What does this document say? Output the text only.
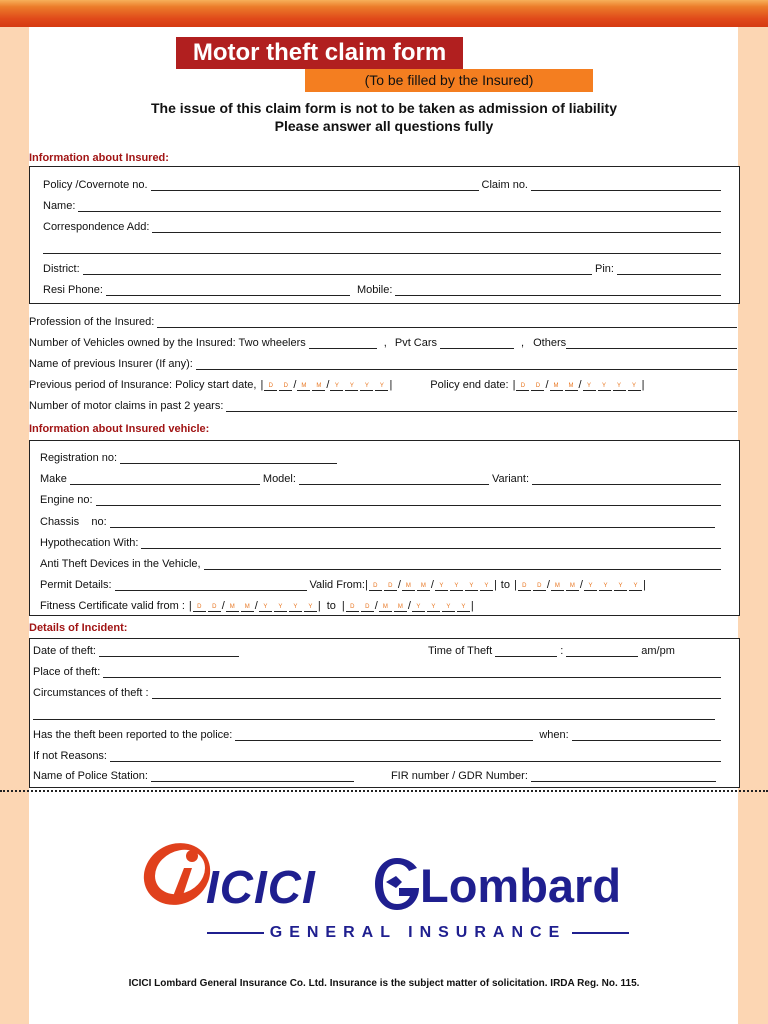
Motor theft claim form
(To be filled by the Insured)
The issue of this claim form is not to be taken as admission of liability
Please answer all questions fully
Information about Insured:
Policy /Covernote no.	Claim no.
Name:
Correspondence Add:
District:	Pin:
Resi Phone:	Mobile:
Profession of the Insured:
Number of Vehicles owned by the Insured: Two wheelers	, Pvt Cars	, Others
Name of previous Insurer (If any):
Previous period of Insurance: Policy start date, | D	D / M	M / Y	Y	Y	Y |	Policy end date: | D	D / M	M / Y	Y	Y	Y |
Number of motor claims in past 2 years:
Information about Insured vehicle:
Registration no:
Make	Model:	Variant:
Engine no:
Chassis    no:
Hypothecation With:
Anti Theft Devices in the Vehicle,
Permit Details:	Valid From: | D	D / M	M / Y	Y	Y	Y | to | D	D / M	M / Y	Y	Y	Y |
Fitness Certificate valid from : | D	D / M	M / Y	Y	Y	Y | to | D	D / M	M / Y	Y	Y	Y |
Details of Incident:
Date of theft:	Time of Theft	:	am/pm
Place of theft:
Circumstances of theft :
Has the theft been reported to the police:	when:
If not Reasons:
Name of Police Station:	FIR number / GDR Number:
ICICI Lombard
GENERAL INSURANCE
ICICI Lombard General Insurance Co. Ltd. Insurance is the subject matter of solicitation. IRDA Reg. No. 115.
